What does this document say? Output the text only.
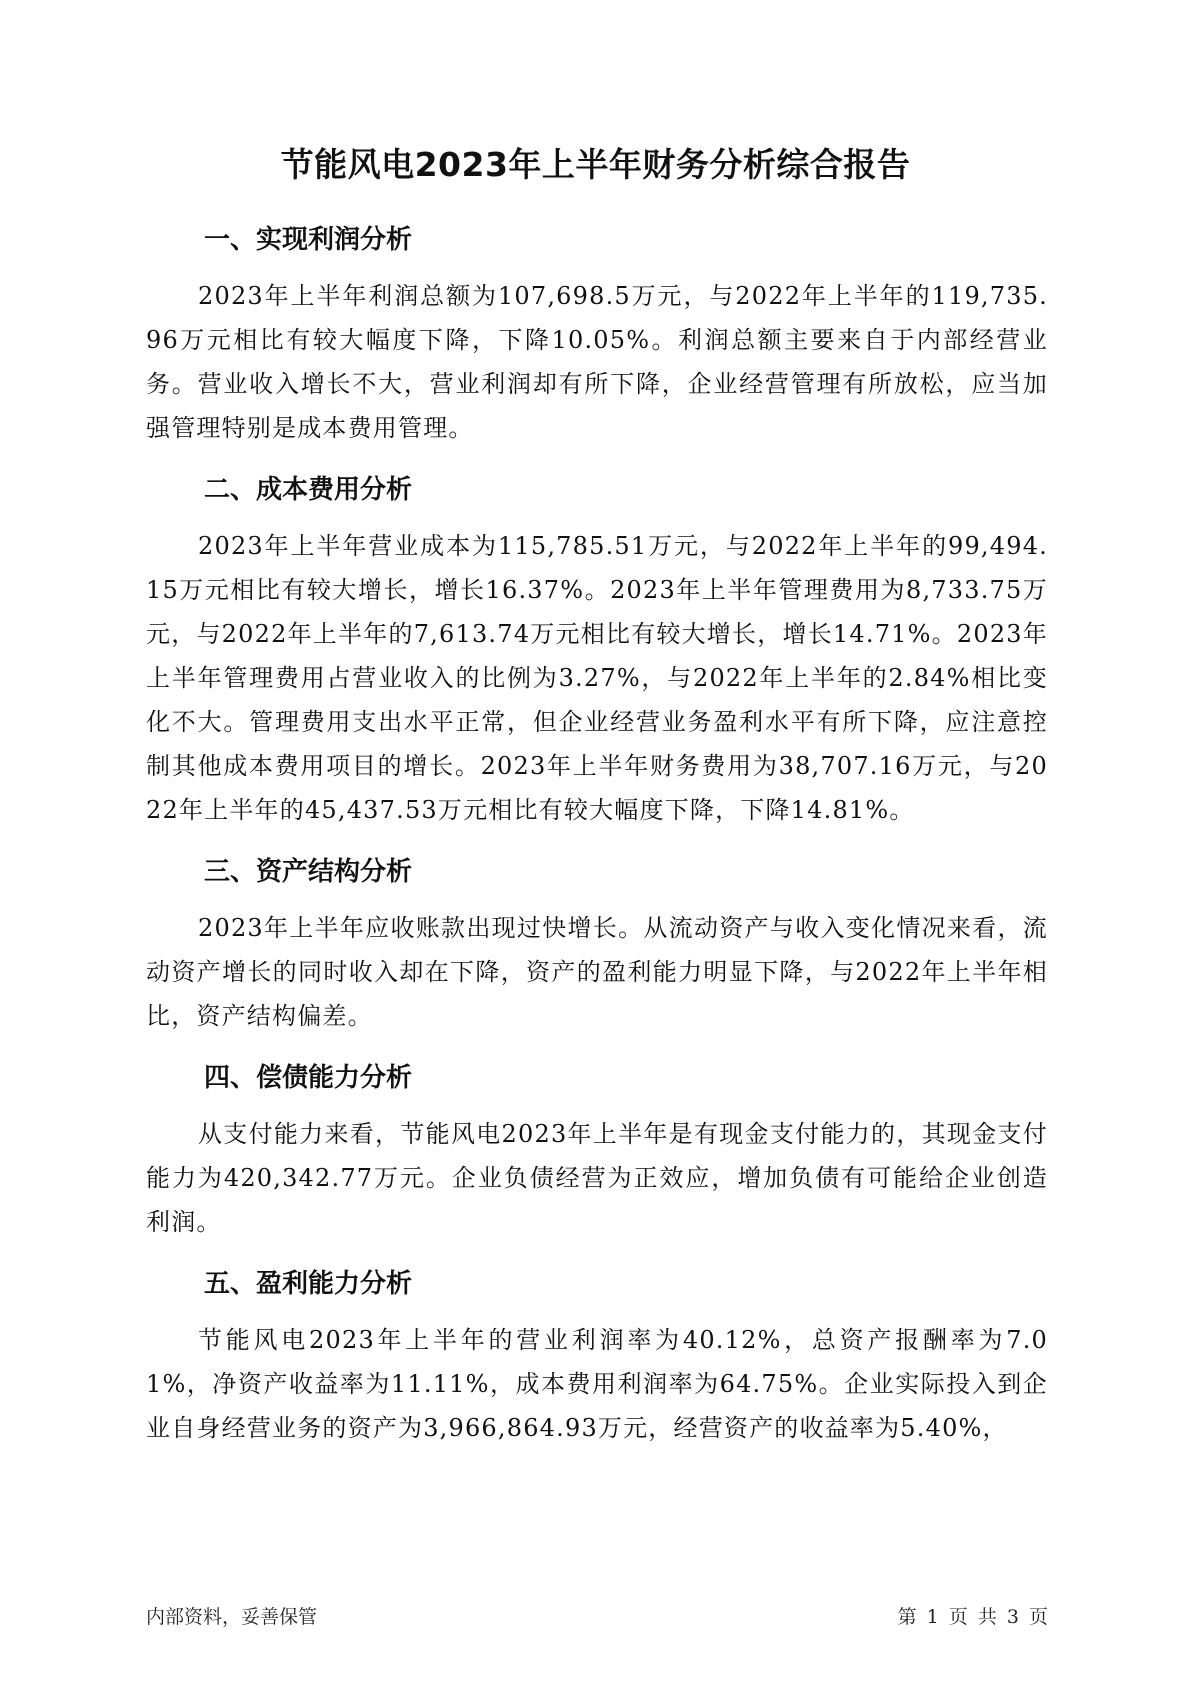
节能风电2023年上半年财务分析综合报告
一、实现利润分析

2023年上半年利润总额为107,698.5万元，与2022年上半年的119,735.96万元相比有较大幅度下降，下降10.05%。利润总额主要来自于内部经营业务。营业收入增长不大，营业利润却有所下降，企业经营管理有所放松，应当加强管理特别是成本费用管理。

二、成本费用分析

2023年上半年营业成本为115,785.51万元，与2022年上半年的99,494.15万元相比有较大增长，增长16.37%。2023年上半年管理费用为8,733.75万元，与2022年上半年的7,613.74万元相比有较大增长，增长14.71%。2023年上半年管理费用占营业收入的比例为3.27%，与2022年上半年的2.84%相比变化不大。管理费用支出水平正常，但企业经营业务盈利水平有所下降，应注意控制其他成本费用项目的增长。2023年上半年财务费用为38,707.16万元，与2022年上半年的45,437.53万元相比有较大幅度下降，下降14.81%。

三、资产结构分析

2023年上半年应收账款出现过快增长。从流动资产与收入变化情况来看，流动资产增长的同时收入却在下降，资产的盈利能力明显下降，与2022年上半年相比，资产结构偏差。

四、偿债能力分析

从支付能力来看，节能风电2023年上半年是有现金支付能力的，其现金支付能力为420,342.77万元。企业负债经营为正效应，增加负债有可能给企业创造利润。

五、盈利能力分析

节能风电2023年上半年的营业利润率为40.12%，总资产报酬率为7.01%，净资产收益率为11.11%，成本费用利润率为64.75%。企业实际投入到企业自身经营业务的资产为3,966,864.93万元，经营资产的收益率为5.40%，

内部资料，妥善保管	第 1 页 共 3 页
